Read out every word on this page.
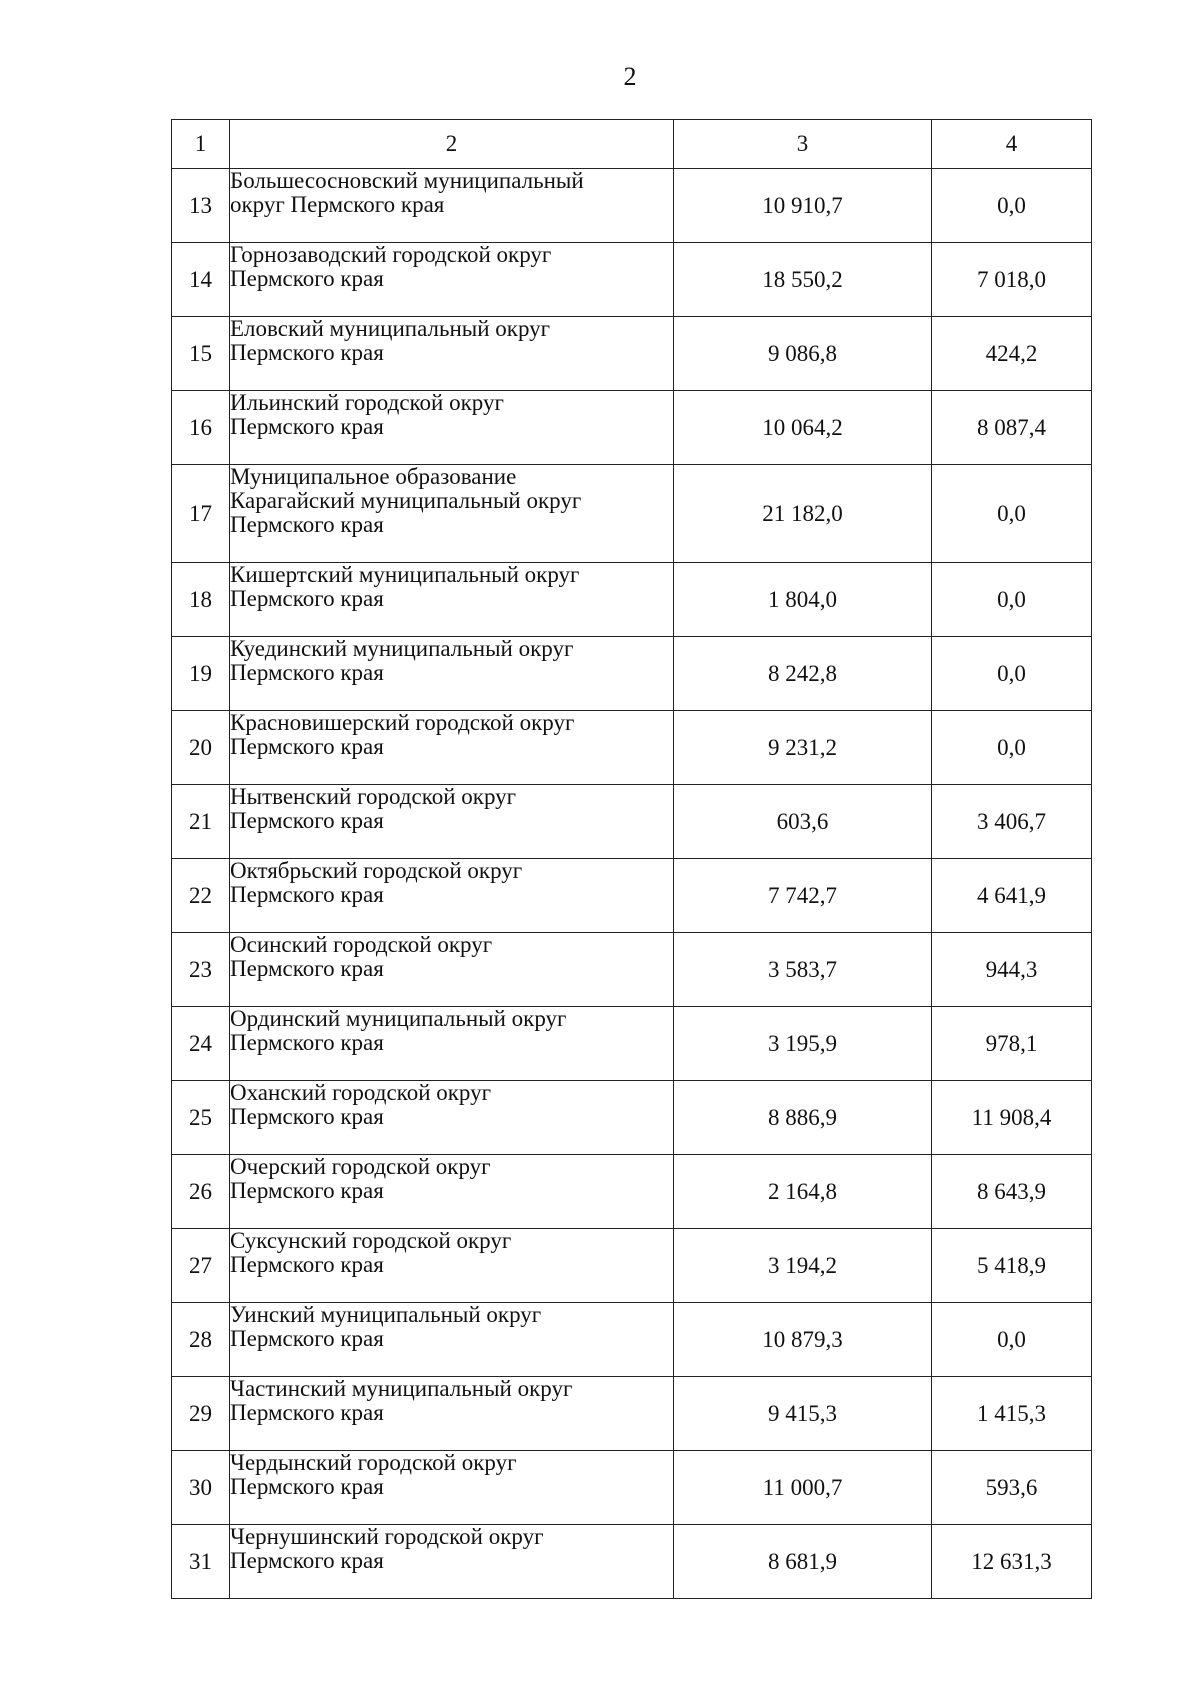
2
1	2	3	4
13	Большесосновский муниципальный
округ Пермского края	10 910,7	0,0
14	Горнозаводский городской округ
Пермского края	18 550,2	7 018,0
15	Еловский муниципальный округ
Пермского края	9 086,8	424,2
16	Ильинский городской округ
Пермского края	10 064,2	8 087,4
17	Муниципальное образование
Карагайский муниципальный округ
Пермского края	21 182,0	0,0
18	Кишертский муниципальный округ
Пермского края	1 804,0	0,0
19	Куединский муниципальный округ
Пермского края	8 242,8	0,0
20	Красновишерский городской округ
Пермского края	9 231,2	0,0
21	Нытвенский городской округ
Пермского края	603,6	3 406,7
22	Октябрьский городской округ
Пермского края	7 742,7	4 641,9
23	Осинский городской округ
Пермского края	3 583,7	944,3
24	Ординский муниципальный округ
Пермского края	3 195,9	978,1
25	Оханский городской округ
Пермского края	8 886,9	11 908,4
26	Очерский городской округ
Пермского края	2 164,8	8 643,9
27	Суксунский городской округ
Пермского края	3 194,2	5 418,9
28	Уинский муниципальный округ
Пермского края	10 879,3	0,0
29	Частинский муниципальный округ
Пермского края	9 415,3	1 415,3
30	Чердынский городской округ
Пермского края	11 000,7	593,6
31	Чернушинский городской округ
Пермского края	8 681,9	12 631,3
